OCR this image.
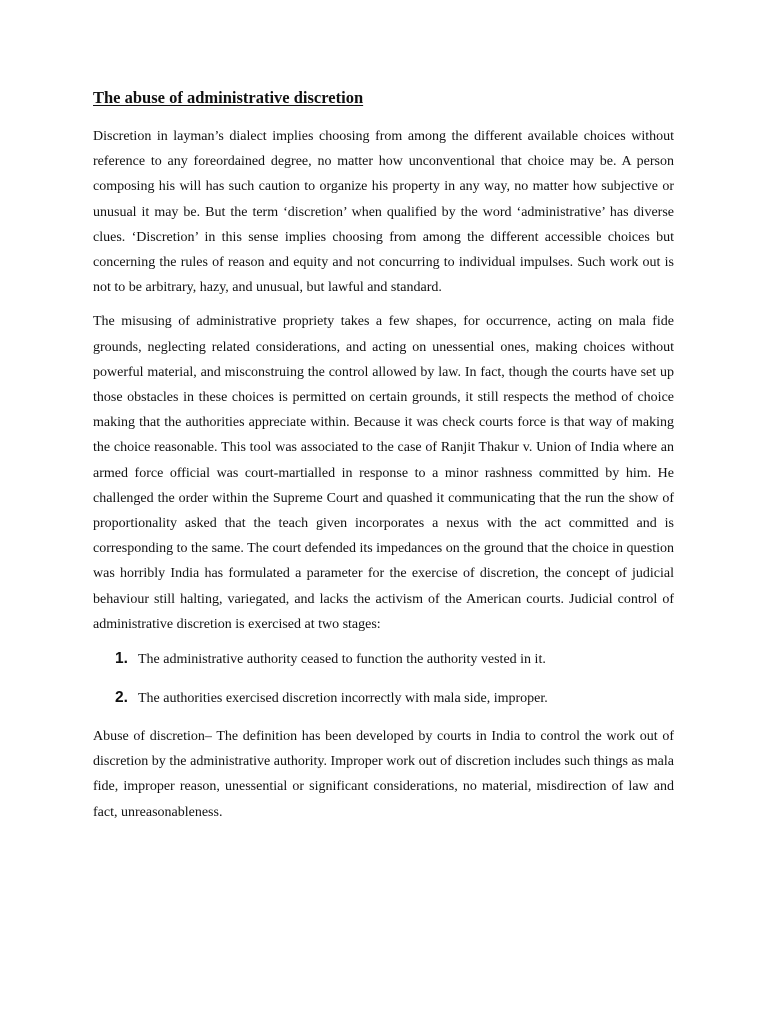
The abuse of administrative discretion

Discretion in layman’s dialect implies choosing from among the different available choices without reference to any foreordained degree, no matter how unconventional that choice may be. A person composing his will has such caution to organize his property in any way, no matter how subjective or unusual it may be. But the term ‘discretion’ when qualified by the word ‘administrative’ has diverse clues. ‘Discretion’ in this sense implies choosing from among the different accessible choices but concerning the rules of reason and equity and not concurring to individual impulses. Such work out is not to be arbitrary, hazy, and unusual, but lawful and standard.

The misusing of administrative propriety takes a few shapes, for occurrence, acting on mala fide grounds, neglecting related considerations, and acting on unessential ones, making choices without powerful material, and misconstruing the control allowed by law. In fact, though the courts have set up those obstacles in these choices is permitted on certain grounds, it still respects the method of choice making that the authorities appreciate within. Because it was check courts force is that way of making the choice reasonable. This tool was associated to the case of Ranjit Thakur v. Union of India where an armed force official was court-martialled in response to a minor rashness committed by him. He challenged the order within the Supreme Court and quashed it communicating that the run the show of proportionality asked that the teach given incorporates a nexus with the act committed and is corresponding to the same. The court defended its impedances on the ground that the choice in question was horribly India has formulated a parameter for the exercise of discretion, the concept of judicial behaviour still halting, variegated, and lacks the activism of the American courts. Judicial control of administrative discretion is exercised at two stages:

1. The administrative authority ceased to function the authority vested in it.
2. The authorities exercised discretion incorrectly with mala side, improper.

Abuse of discretion– The definition has been developed by courts in India to control the work out of discretion by the administrative authority. Improper work out of discretion includes such things as mala fide, improper reason, unessential or significant considerations, no material, misdirection of law and fact, unreasonableness.
